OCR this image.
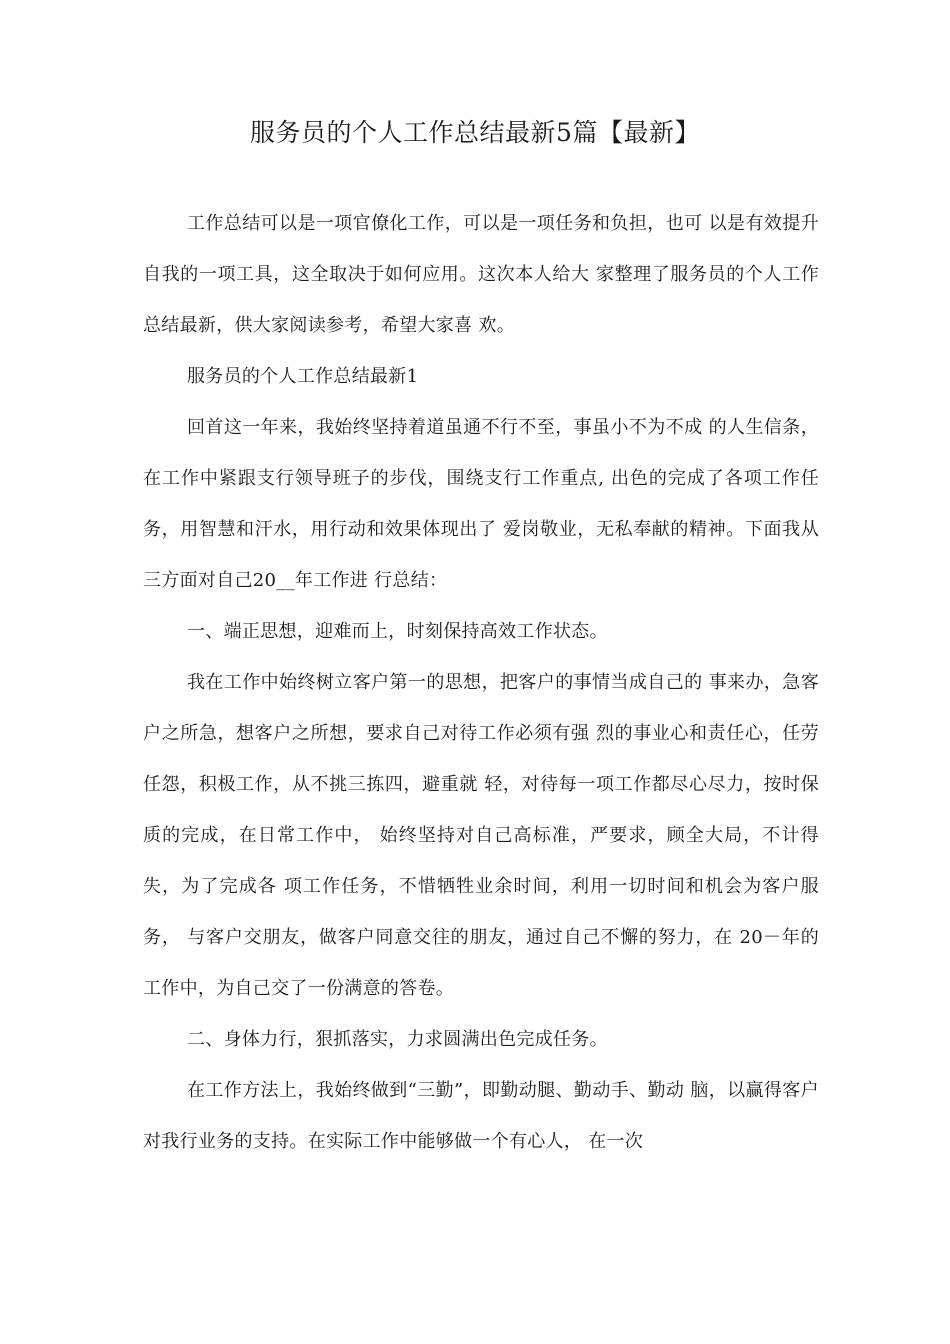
服务员的个人工作总结最新5篇【最新】

工作总结可以是一项官僚化工作，可以是一项任务和负担，也可 以是有效提升自我的一项工具，这全取决于如何应用。这次本人给大 家整理了服务员的个人工作总结最新，供大家阅读参考，希望大家喜 欢。

服务员的个人工作总结最新1

回首这一年来，我始终坚持着道虽通不行不至，事虽小不为不成 的人生信条，在工作中紧跟支行领导班子的步伐，围绕支行工作重点, 出色的完成了各项工作任务，用智慧和汗水，用行动和效果体现出了 爱岗敬业，无私奉献的精神。下面我从三方面对自己20__年工作进 行总结：

一、端正思想，迎难而上，时刻保持高效工作状态。

我在工作中始终树立客户第一的思想，把客户的事情当成自己的 事来办，急客户之所急，想客户之所想，要求自己对待工作必须有强 烈的事业心和责任心，任劳任怨，积极工作，从不挑三拣四，避重就 轻，对待每一项工作都尽心尽力，按时保质的完成，在日常工作中， 始终坚持对自己高标准，严要求，顾全大局，不计得失，为了完成各 项工作任务，不惜牺牲业余时间，利用一切时间和机会为客户服务， 与客户交朋友，做客户同意交往的朋友，通过自己不懈的努力，在 20－年的工作中，为自己交了一份满意的答卷。

二、身体力行，狠抓落实，力求圆满出色完成任务。

在工作方法上，我始终做到“三勤”，即勤动腿、勤动手、勤动 脑，以赢得客户对我行业务的支持。在实际工作中能够做一个有心人， 在一次
